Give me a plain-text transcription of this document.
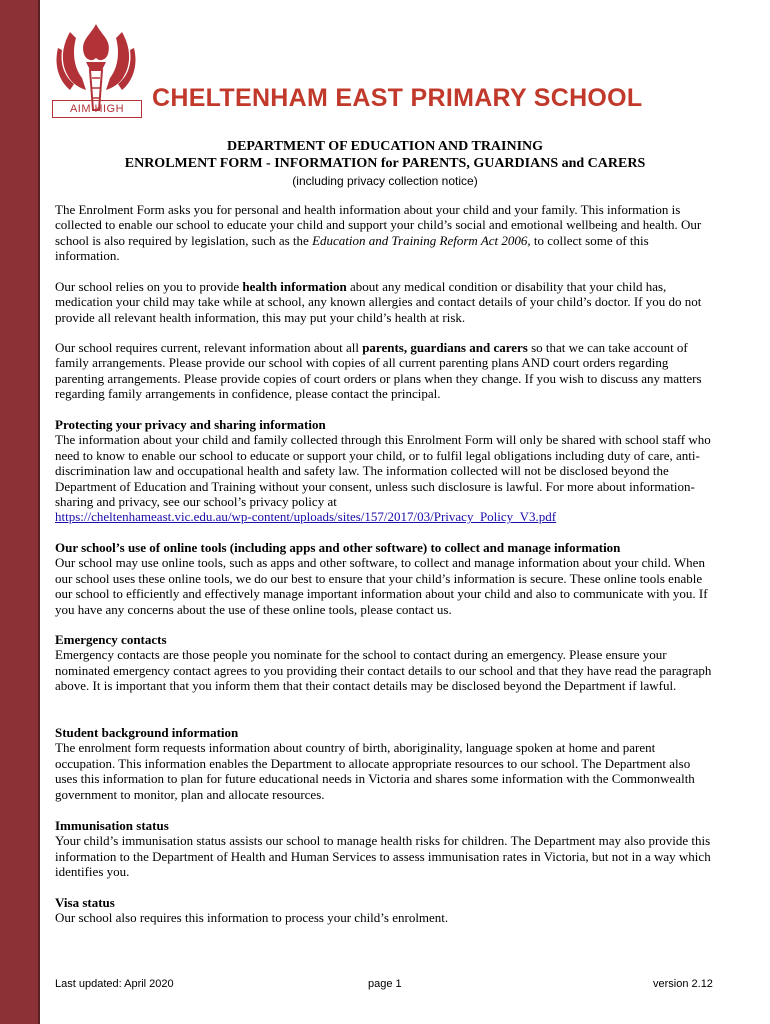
AIM HIGH	CHELTENHAM EAST PRIMARY SCHOOL
DEPARTMENT OF EDUCATION AND TRAINING
ENROLMENT FORM - INFORMATION for PARENTS, GUARDIANS and CARERS
(including privacy collection notice)

The Enrolment Form asks you for personal and health information about your child and your family. This information is collected to enable our school to educate your child and support your child’s social and emotional wellbeing and health. Our school is also required by legislation, such as the Education and Training Reform Act 2006, to collect some of this information.

Our school relies on you to provide health information about any medical condition or disability that your child has, medication your child may take while at school, any known allergies and contact details of your child’s doctor. If you do not provide all relevant health information, this may put your child’s health at risk.

Our school requires current, relevant information about all parents, guardians and carers so that we can take account of family arrangements. Please provide our school with copies of all current parenting plans AND court orders regarding parenting arrangements. Please provide copies of court orders or plans when they change. If you wish to discuss any matters regarding family arrangements in confidence, please contact the principal.

Protecting your privacy and sharing information

The information about your child and family collected through this Enrolment Form will only be shared with school staff who need to know to enable our school to educate or support your child, or to fulfil legal obligations including duty of care, anti-discrimination law and occupational health and safety law. The information collected will not be disclosed beyond the Department of Education and Training without your consent, unless such disclosure is lawful. For more about information-sharing and privacy, see our school’s privacy policy at

https://cheltenhameast.vic.edu.au/wp-content/uploads/sites/157/2017/03/Privacy_Policy_V3.pdf

Our school’s use of online tools (including apps and other software) to collect and manage information

Our school may use online tools, such as apps and other software, to collect and manage information about your child. When our school uses these online tools, we do our best to ensure that your child’s information is secure. These online tools enable our school to efficiently and effectively manage important information about your child and also to communicate with you. If you have any concerns about the use of these online tools, please contact us.

Emergency contacts

Emergency contacts are those people you nominate for the school to contact during an emergency. Please ensure your nominated emergency contact agrees to you providing their contact details to our school and that they have read the paragraph above. It is important that you inform them that their contact details may be disclosed beyond the Department if lawful.

Student background information

The enrolment form requests information about country of birth, aboriginality, language spoken at home and parent occupation. This information enables the Department to allocate appropriate resources to our school. The Department also uses this information to plan for future educational needs in Victoria and shares some information with the Commonwealth government to monitor, plan and allocate resources.

Immunisation status

Your child’s immunisation status assists our school to manage health risks for children. The Department may also provide this information to the Department of Health and Human Services to assess immunisation rates in Victoria, but not in a way which identifies you.

Visa status

Our school also requires this information to process your child’s enrolment.

Last updated: April 2020	page 1	version 2.12
